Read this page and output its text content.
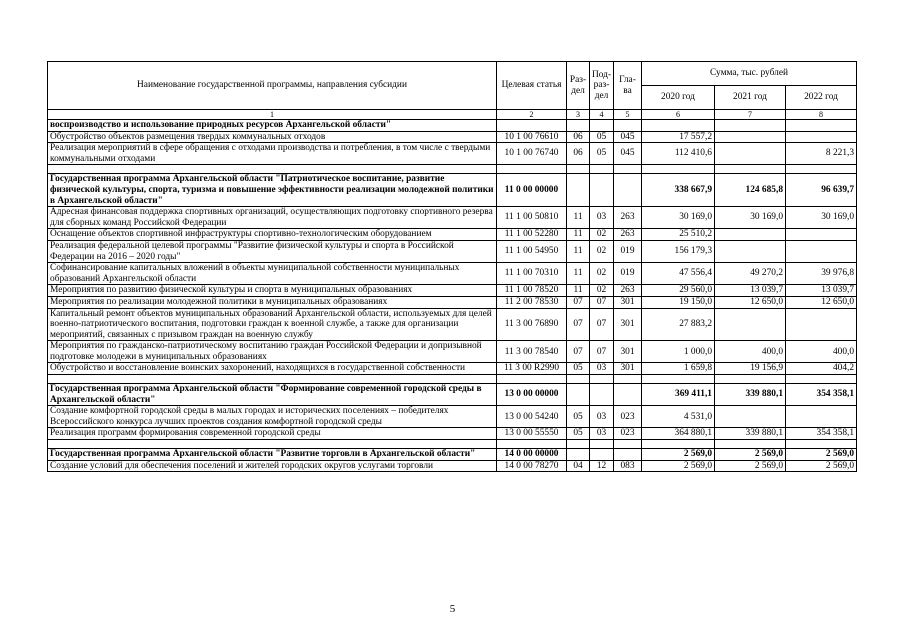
Наименование государственной программы, направления субсидии	Целевая статья	Раз-дел	Под-раз-дел	Гла-ва	Сумма, тыс. рублей		
					2020 год	2021 год	2022 год
1	2	3	4	5	6	7	8
воспроизводство и использование природных ресурсов Архангельской области"							
Обустройство объектов размещения твердых коммунальных отходов	10 1 00 76610	06	05	045	17 557,2		
Реализация мероприятий в сфере обращения с отходами производства и потребления, в том числе с твердыми коммунальными отходами	10 1 00 76740	06	05	045	112 410,6		8 221,3

Государственная программа Архангельской области "Патриотическое воспитание, развитие физической культуры, спорта, туризма и повышение эффективности реализации молодежной политики в Архангельской области"	11 0 00 00000				338 667,9	124 685,8	96 639,7
Адресная финансовая поддержка спортивных организаций, осуществляющих подготовку спортивного резерва для сборных команд Российской Федерации	11 1 00 50810	11	03	263	30 169,0	30 169,0	30 169,0
Оснащение объектов спортивной инфраструктуры спортивно-технологическим оборудованием	11 1 00 52280	11	02	263	25 510,2		
Реализация федеральной целевой программы "Развитие физической культуры и спорта в Российской Федерации на 2016 – 2020 годы"	11 1 00 54950	11	02	019	156 179,3		
Софинансирование капитальных вложений в объекты муниципальной собственности муниципальных образований Архангельской области	11 1 00 70310	11	02	019	47 556,4	49 270,2	39 976,8
Мероприятия по развитию физической культуры и спорта в муниципальных образованиях	11 1 00 78520	11	02	263	29 560,0	13 039,7	13 039,7
Мероприятия по реализации молодежной политики в муниципальных образованиях	11 2 00 78530	07	07	301	19 150,0	12 650,0	12 650,0
Капитальный ремонт объектов муниципальных образований Архангельской области, используемых для целей военно-патриотического воспитания, подготовки граждан к военной службе, а также для организации мероприятий, связанных с призывом граждан на военную службу	11 3 00 76890	07	07	301	27 883,2		
Мероприятия по гражданско-патриотическому воспитанию граждан Российской Федерации и допризывной подготовке молодежи в муниципальных образованиях	11 3 00 78540	07	07	301	1 000,0	400,0	400,0
Обустройство и восстановление воинских захоронений, находящихся в государственной собственности	11 3 00 R2990	05	03	301	1 659,8	19 156,9	404,2

Государственная программа Архангельской области "Формирование современной городской среды в Архангельской области"	13 0 00 00000				369 411,1	339 880,1	354 358,1
Создание комфортной городской среды в малых городах и исторических поселениях – победителях Всероссийского конкурса лучших проектов создания комфортной городской среды	13 0 00 54240	05	03	023	4 531,0		
Реализация программ формирования современной городской среды	13 0 00 55550	05	03	023	364 880,1	339 880,1	354 358,1

Государственная программа Архангельской области "Развитие торговли в Архангельской области"	14 0 00 00000				2 569,0	2 569,0	2 569,0
Создание условий для обеспечения поселений и жителей городских округов услугами торговли	14 0 00 78270	04	12	083	2 569,0	2 569,0	2 569,0
5
